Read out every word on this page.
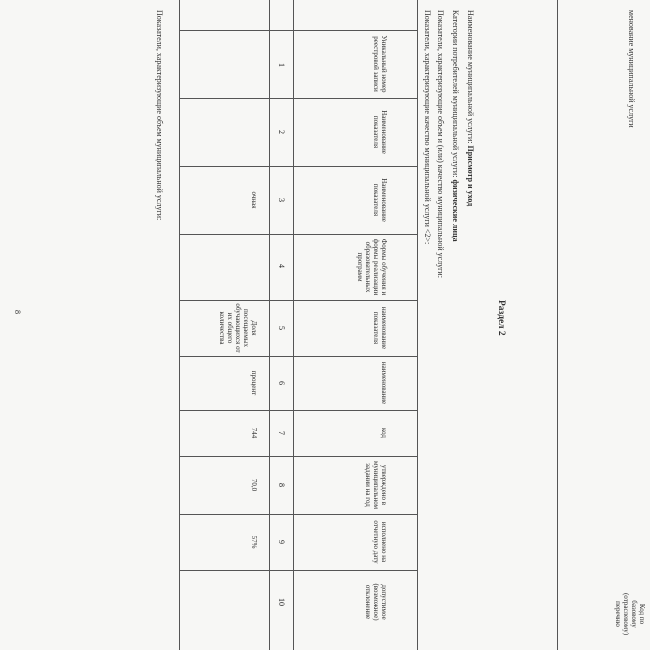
менование муниципальной услуги
Код по
базовому
(отраслевому)
перечню
Раздел 2
Наименование муниципальной услуги: Присмотр и уход
Категории потребителей муниципальной услуги: физические лица
Показатели, характеризующие объем и (или) качество муниципальной услуги:
Показатели, характеризующие качество муниципальной услуги <2>:
Уникальный номер реестровой записи
Наименование показателя
Наименование показателя
Формы обучения и формы реализации образовательных программ
наименование показателя
наименование
код
утверждено в муниципальном задании на год
исполнено на отчетную дату
допустимое (возможное) отклонение
1
2
3
4
5
6
7
8
9
10
очная
Доля посещаемых обучающихся от их общего количества
процент
744
70,0
57%
Показатели, характеризующие объем муниципальной услуги:
8
